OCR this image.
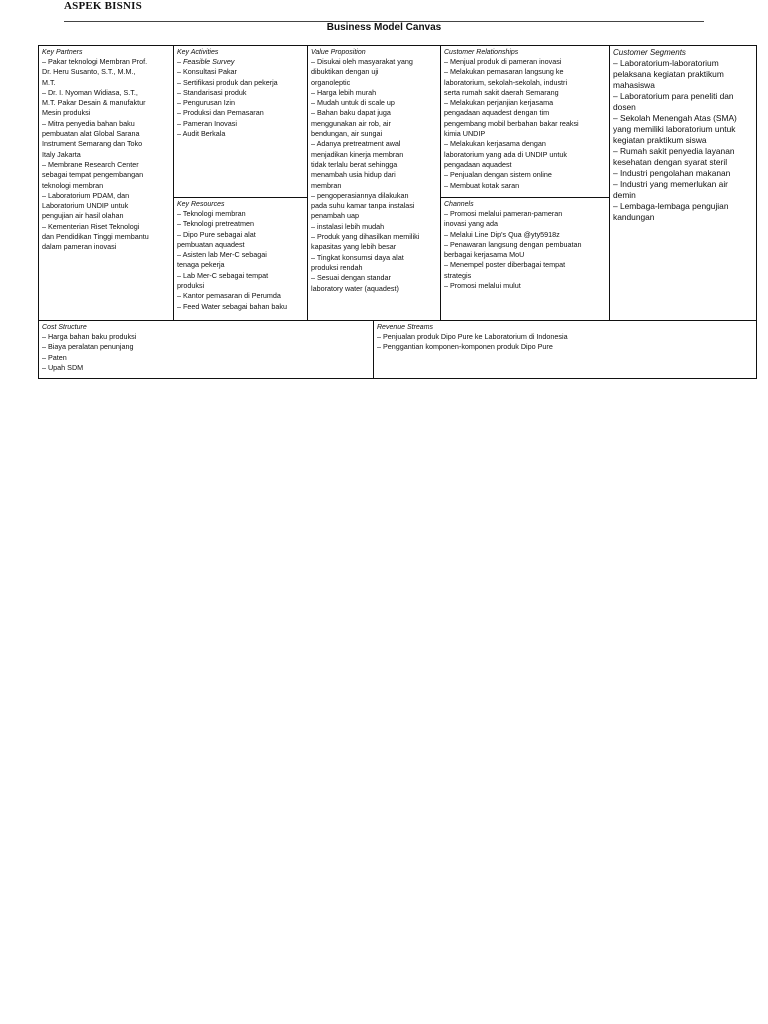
ASPEK BISNIS
Business Model Canvas
Key Partners
– Pakar teknologi Membran Prof.
Dr. Heru Susanto, S.T., M.M.,
M.T.
– Dr. I. Nyoman Widiasa, S.T.,
M.T. Pakar Desain & manufaktur
Mesin produksi
– Mitra penyedia bahan baku
pembuatan alat Global Sarana
Instrument Semarang dan Toko
Italy Jakarta
– Membrane Research Center
sebagai tempat pengembangan
teknologi membran
– Laboratorium PDAM, dan
Laboratorium UNDIP untuk
pengujian air hasil olahan
– Kementerian Riset Teknologi
dan Pendidikan Tinggi membantu
dalam pameran inovasi
Key Activities
– Feasible Survey
– Konsultasi Pakar
– Sertifikasi produk dan pekerja
– Standarisasi produk
– Pengurusan Izin
– Produksi dan Pemasaran
– Pameran Inovasi
– Audit Berkala
Key Resources
– Teknologi membran
– Teknologi pretreatmen
– Dipo Pure sebagai alat
pembuatan aquadest
– Asisten lab Mer-C sebagai
tenaga pekerja
– Lab Mer-C sebagai tempat
produksi
– Kantor pemasaran di Perumda
– Feed Water sebagai bahan baku
Value Proposition
– Disukai oleh masyarakat yang
dibuktikan dengan uji
organoleptic
– Harga lebih murah
– Mudah untuk di scale up
– Bahan baku dapat juga
menggunakan air rob, air
bendungan, air sungai
– Adanya pretreatment awal
menjadikan kinerja membran
tidak terlalu berat sehingga
menambah usia hidup dari
membran
– pengoperasiannya dilakukan
pada suhu kamar tanpa instalasi
penambah uap
– instalasi lebih mudah
– Produk yang dihasilkan memiliki
kapasitas yang lebih besar
– Tingkat konsumsi daya alat
produksi rendah
– Sesuai dengan standar
laboratory water (aquadest)
Customer Relationships
– Menjual produk di pameran inovasi
– Melakukan pemasaran langsung ke
laboratorium, sekolah-sekolah, industri
serta rumah sakit daerah Semarang
– Melakukan perjanjian kerjasama
pengadaan aquadest dengan tim
pengembang mobil berbahan bakar reaksi
kimia UNDIP
– Melakukan kerjasama dengan
laboratorium yang ada di UNDIP untuk
pengadaan aquadest
– Penjualan dengan sistem online
– Membuat kotak saran
Channels
– Promosi melalui pameran-pameran
inovasi yang ada
– Melalui Line Dip's Qua @yty5918z
– Penawaran langsung dengan pembuatan
berbagai kerjasama MoU
– Menempel poster diberbagai tempat
strategis
– Promosi melalui mulut
Customer Segments
– Laboratorium-laboratorium
pelaksana kegiatan praktikum
mahasiswa
– Laboratorium para peneliti dan
dosen
– Sekolah Menengah Atas (SMA)
yang memiliki laboratorium untuk
kegiatan praktikum siswa
– Rumah sakit penyedia layanan
kesehatan dengan syarat steril
– Industri pengolahan makanan
– Industri yang memerlukan air
demin
– Lembaga-lembaga pengujian
kandungan
Cost Structure
– Harga bahan baku produksi
– Biaya peralatan penunjang
– Paten
– Upah SDM
Revenue Streams
– Penjualan produk Dipo Pure ke Laboratorium di Indonesia
– Penggantian komponen-komponen produk Dipo Pure
